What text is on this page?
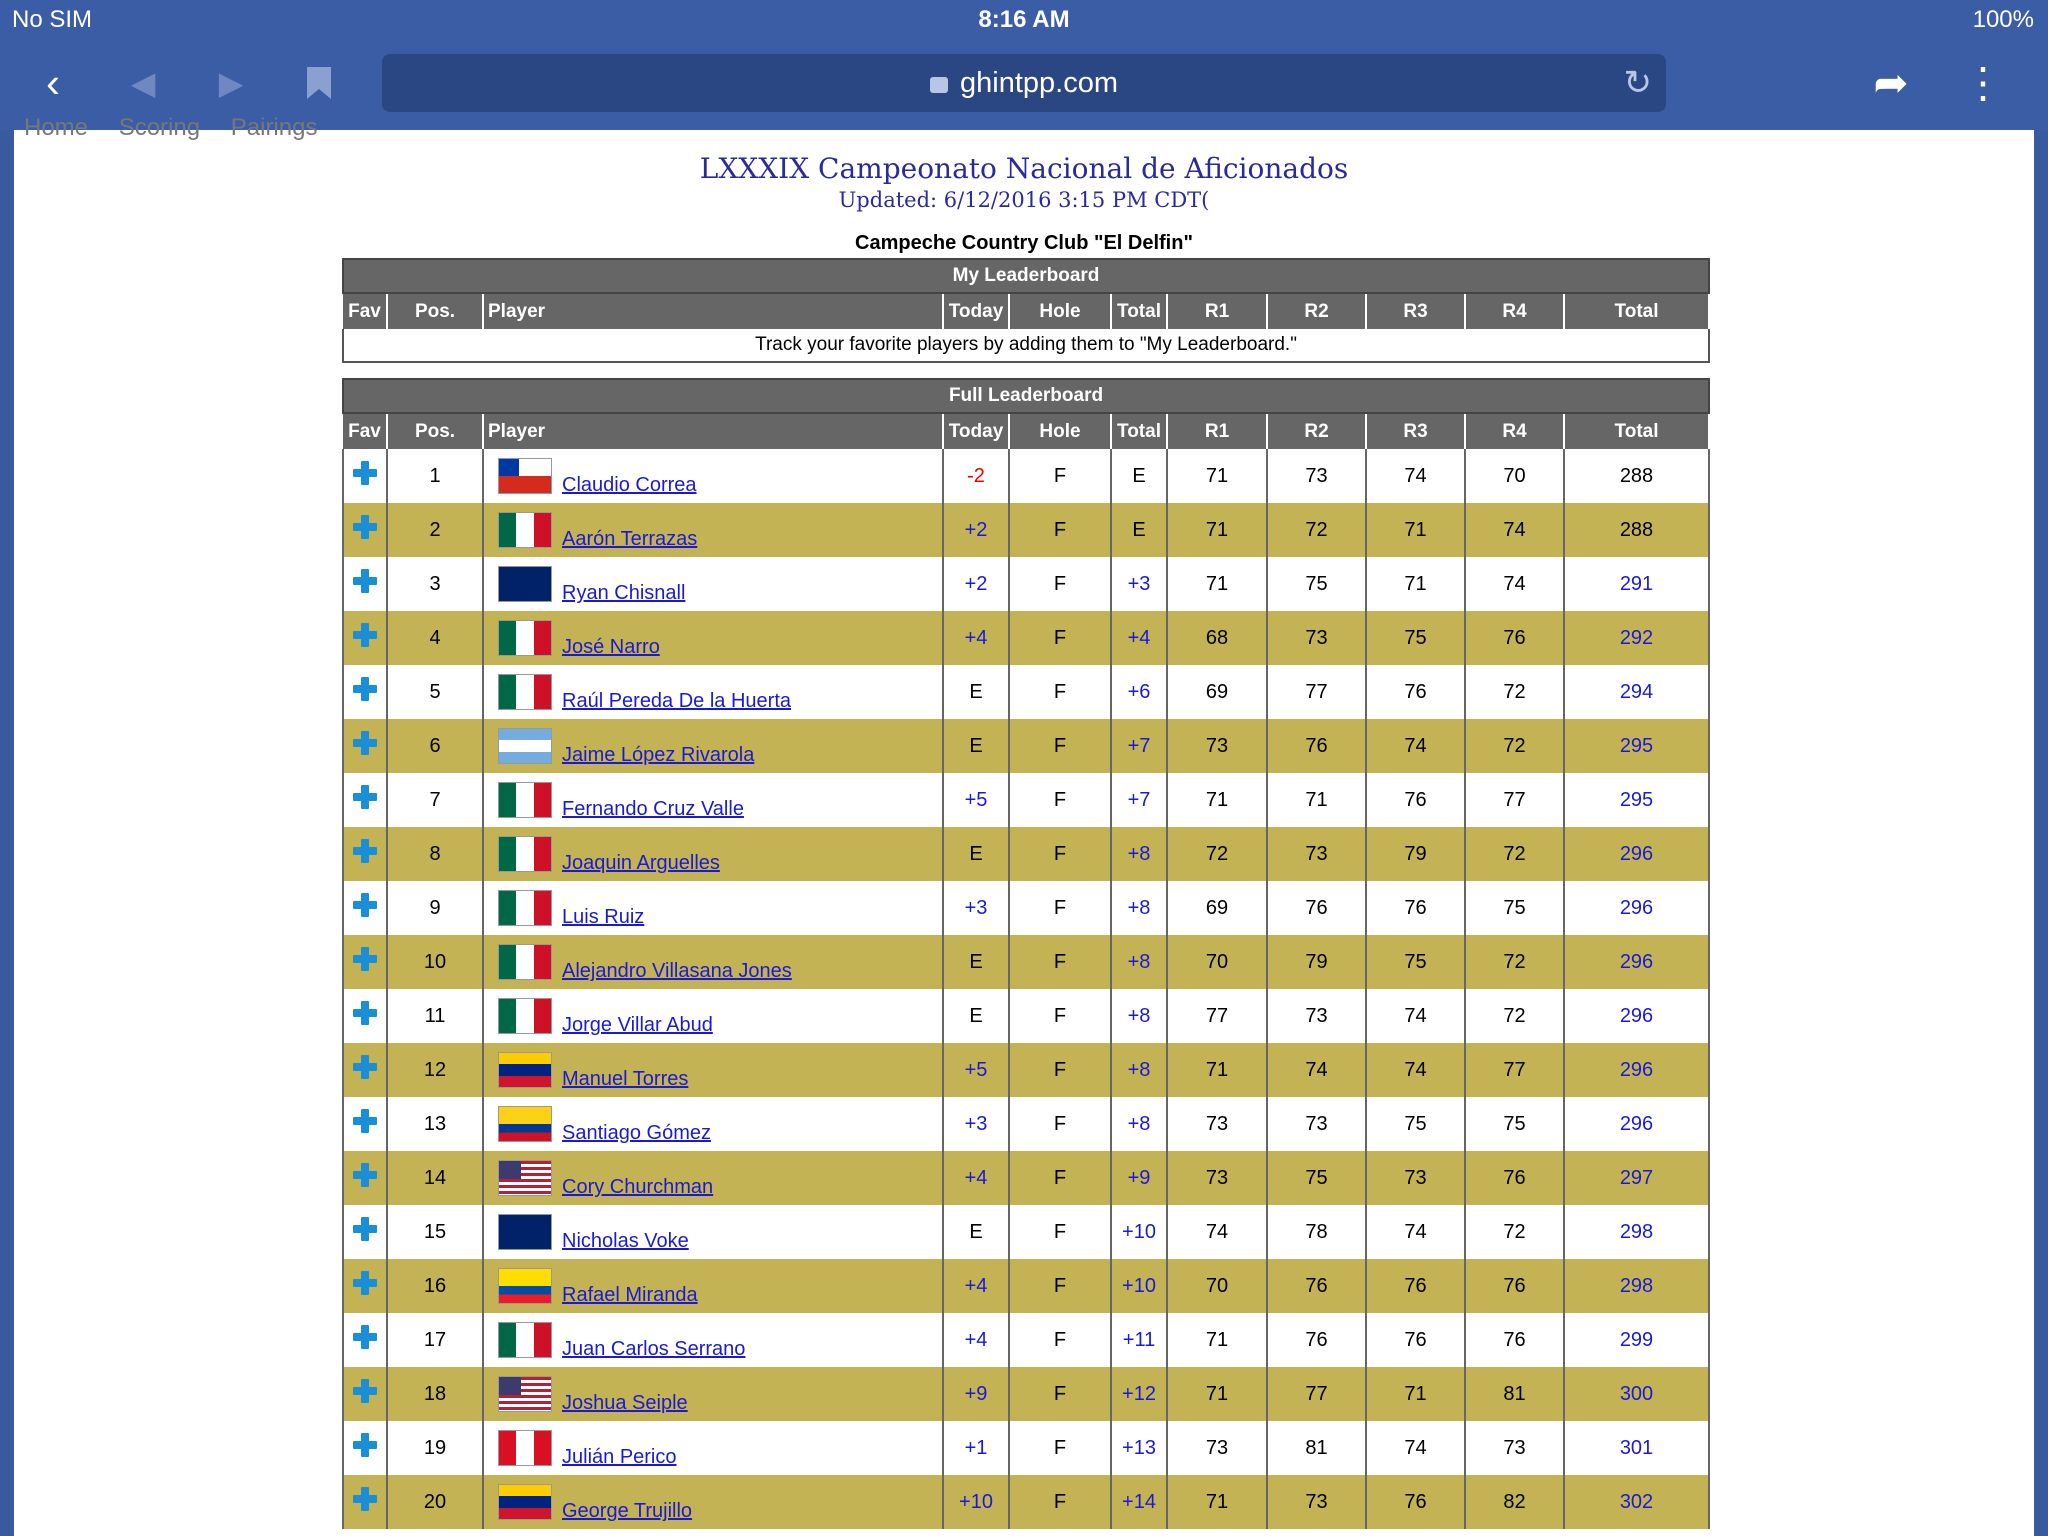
No SIM	8:16 AM	100%
‹	◀	▶	ghintpp.com	↻	➦ ⋮
Home Scoring Pairings
LXXXIX Campeonato Nacional de Aficionados
Updated: 6/12/2016 3:15 PM CDT(
Campeche Country Club "El Delfin"
My Leaderboard
Fav	Pos.	Player	Today	Hole	Total	R1	R2	R3	R4	Total
Track your favorite players by adding them to "My Leaderboard."
Full Leaderboard										
Fav	Pos.	Player	Today	Hole	Total	R1	R2	R3	R4	Total
	1	Claudio Correa	-2	F	E	71	73	74	70	288
	2	Aarón Terrazas	+2	F	E	71	72	71	74	288
	3	Ryan Chisnall	+2	F	+3	71	75	71	74	291
	4	José Narro	+4	F	+4	68	73	75	76	292
	5	Raúl Pereda De la Huerta	E	F	+6	69	77	76	72	294
	6	Jaime López Rivarola	E	F	+7	73	76	74	72	295
	7	Fernando Cruz Valle	+5	F	+7	71	71	76	77	295
	8	Joaquin Arguelles	E	F	+8	72	73	79	72	296
	9	Luis Ruiz	+3	F	+8	69	76	76	75	296
	10	Alejandro Villasana Jones	E	F	+8	70	79	75	72	296
	11	Jorge Villar Abud	E	F	+8	77	73	74	72	296
	12	Manuel Torres	+5	F	+8	71	74	74	77	296
	13	Santiago Gómez	+3	F	+8	73	73	75	75	296
	14	Cory Churchman	+4	F	+9	73	75	73	76	297
	15	Nicholas Voke	E	F	+10	74	78	74	72	298
	16	Rafael Miranda	+4	F	+10	70	76	76	76	298
	17	Juan Carlos Serrano	+4	F	+11	71	76	76	76	299
	18	Joshua Seiple	+9	F	+12	71	77	71	81	300
	19	Julián Perico	+1	F	+13	73	81	74	73	301
	20	George Trujillo	+10	F	+14	71	73	76	82	302
